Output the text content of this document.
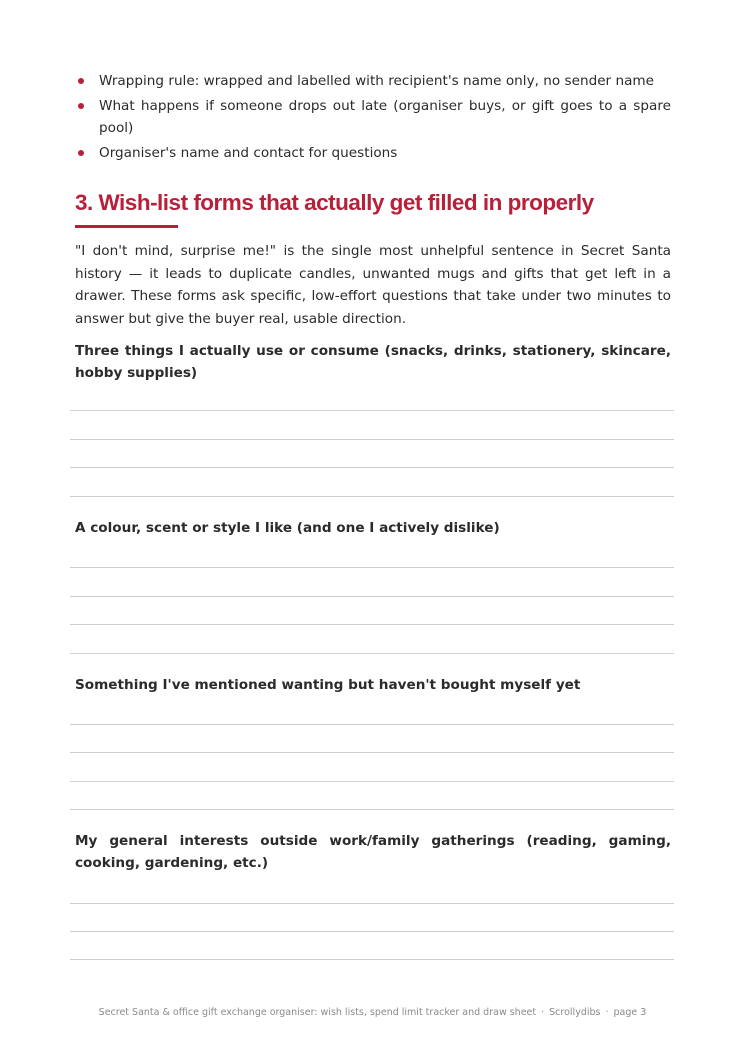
Wrapping rule: wrapped and labelled with recipient's name only, no sender name
What happens if someone drops out late (organiser buys, or gift goes to a spare pool)
Organiser's name and contact for questions
3. Wish-list forms that actually get filled in properly

"I don't mind, surprise me!" is the single most unhelpful sentence in Secret Santa history — it leads to duplicate candles, unwanted mugs and gifts that get left in a drawer. These forms ask specific, low-effort questions that take under two minutes to answer but give the buyer real, usable direction.

Three things I actually use or consume (snacks, drinks, stationery, skincare, hobby supplies)

A colour, scent or style I like (and one I actively dislike)

Something I've mentioned wanting but haven't bought myself yet

My general interests outside work/family gatherings (reading, gaming, cooking, gardening, etc.)

Secret Santa & office gift exchange organiser: wish lists, spend limit tracker and draw sheet · Scrollydibs · page 3
